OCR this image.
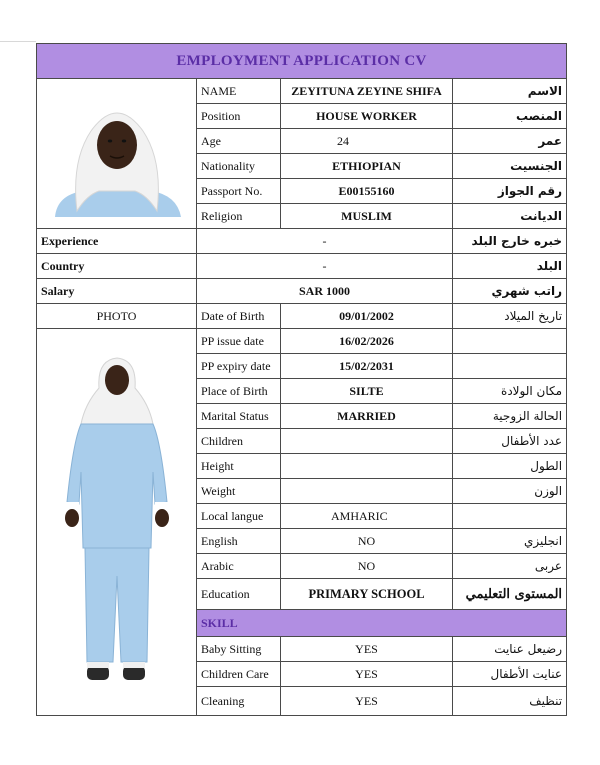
EMPLOYMENT APPLICATION CV			

	NAME	ZEYITUNA ZEYINE SHIFA	الاسم
	Position	HOUSE WORKER	المنصب
	Age	24	عمر
	Nationality	ETHIOPIAN	الجنسيت
	Passport No.	E00155160	رقم الجواز
	Religion	MUSLIM	الديانت
Experience	-		خبره خارج البلد
Country	-		البلد
Salary	SAR 1000		راتب شهري
PHOTO	Date of Birth	09/01/2002	تاريخ الميلاد

	PP issue date	16/02/2026	
	PP expiry date	15/02/2031	
	Place of Birth	SILTE	مكان الولادة
	Marital Status	MARRIED	الحالة الزوجية
	Children		عدد الأطفال
	Height		الطول
	Weight		الوزن
	Local langue	AMHARIC	
	English	NO	انجليزي
	Arabic	NO	عربى
	Education	PRIMARY SCHOOL	المستوى التعليمي
	SKILL		
	Baby Sitting	YES	رضيعل عنايت
	Children Care	YES	عنايت الأطفال
	Cleaning	YES	تنظيف
